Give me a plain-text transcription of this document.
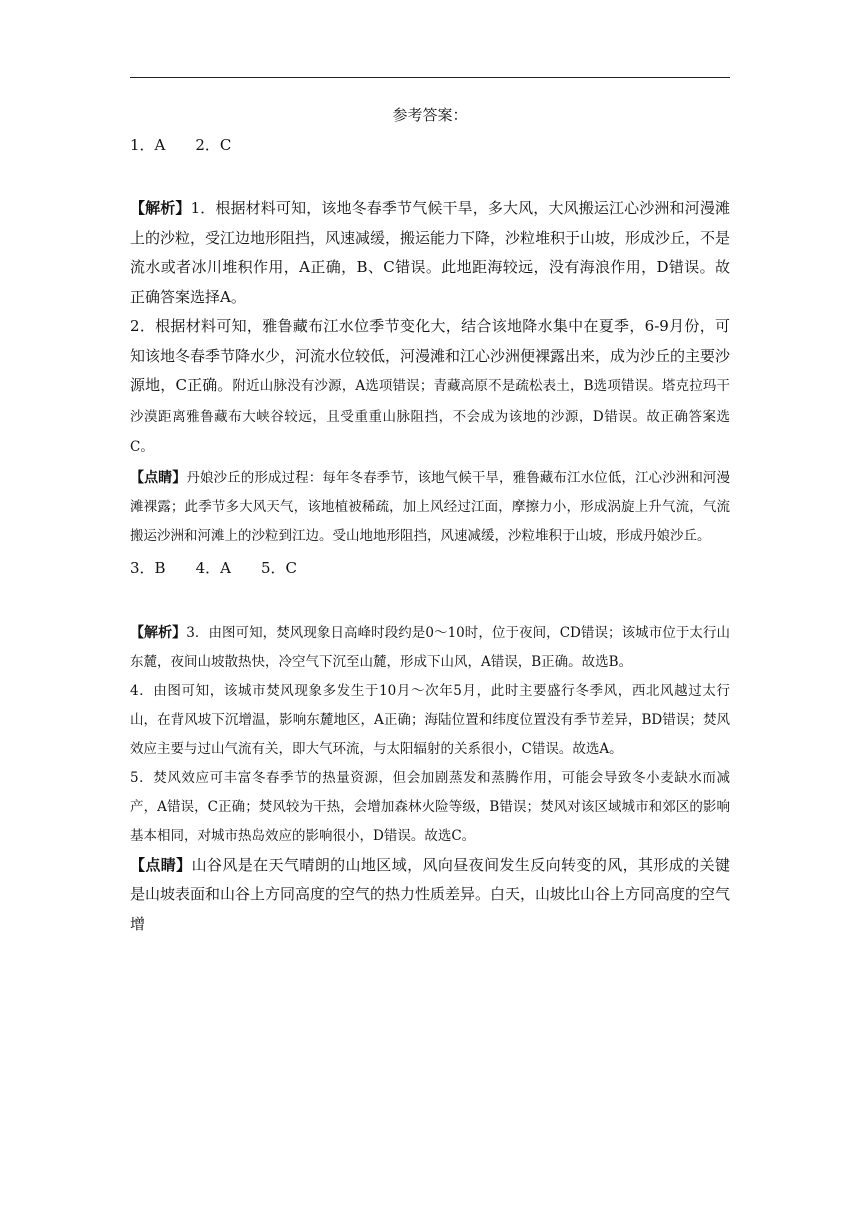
参考答案：
1．A　　2．C

【解析】1．根据材料可知，该地冬春季节气候干旱，多大风，大风搬运江心沙洲和河漫滩上的沙粒，受江边地形阻挡，风速减缓，搬运能力下降，沙粒堆积于山坡，形成沙丘，不是流水或者冰川堆积作用，A正确，B、C错误。此地距海较远，没有海浪作用，D错误。故正确答案选择A。

2．根据材料可知，雅鲁藏布江水位季节变化大，结合该地降水集中在夏季，6-9月份，可知该地冬春季节降水少，河流水位较低，河漫滩和江心沙洲便裸露出来，成为沙丘的主要沙源地，C正确。附近山脉没有沙源，A选项错误；青藏高原不是疏松表土，B选项错误。塔克拉玛干沙漠距离雅鲁藏布大峡谷较远，且受重重山脉阻挡，不会成为该地的沙源，D错误。故正确答案选C。

【点睛】丹娘沙丘的形成过程：每年冬春季节，该地气候干旱，雅鲁藏布江水位低，江心沙洲和河漫滩裸露；此季节多大风天气，该地植被稀疏，加上风经过江面，摩擦力小，形成涡旋上升气流，气流搬运沙洲和河滩上的沙粒到江边。受山地地形阻挡，风速减缓，沙粒堆积于山坡，形成丹娘沙丘。

3．B　　4．A　　5．C

【解析】3．由图可知，焚风现象日高峰时段约是0～10时，位于夜间，CD错误；该城市位于太行山东麓，夜间山坡散热快，冷空气下沉至山麓，形成下山风，A错误，B正确。故选B。

4．由图可知，该城市焚风现象多发生于10月～次年5月，此时主要盛行冬季风，西北风越过太行山，在背风坡下沉增温，影响东麓地区，A正确；海陆位置和纬度位置没有季节差异，BD错误；焚风效应主要与过山气流有关，即大气环流，与太阳辐射的关系很小，C错误。故选A。

5．焚风效应可丰富冬春季节的热量资源，但会加剧蒸发和蒸腾作用，可能会导致冬小麦缺水而减产，A错误，C正确；焚风较为干热，会增加森林火险等级，B错误；焚风对该区域城市和郊区的影响基本相同，对城市热岛效应的影响很小，D错误。故选C。

【点睛】山谷风是在天气晴朗的山地区域，风向昼夜间发生反向转变的风，其形成的关键是山坡表面和山谷上方同高度的空气的热力性质差异。白天，山坡比山谷上方同高度的空气增
